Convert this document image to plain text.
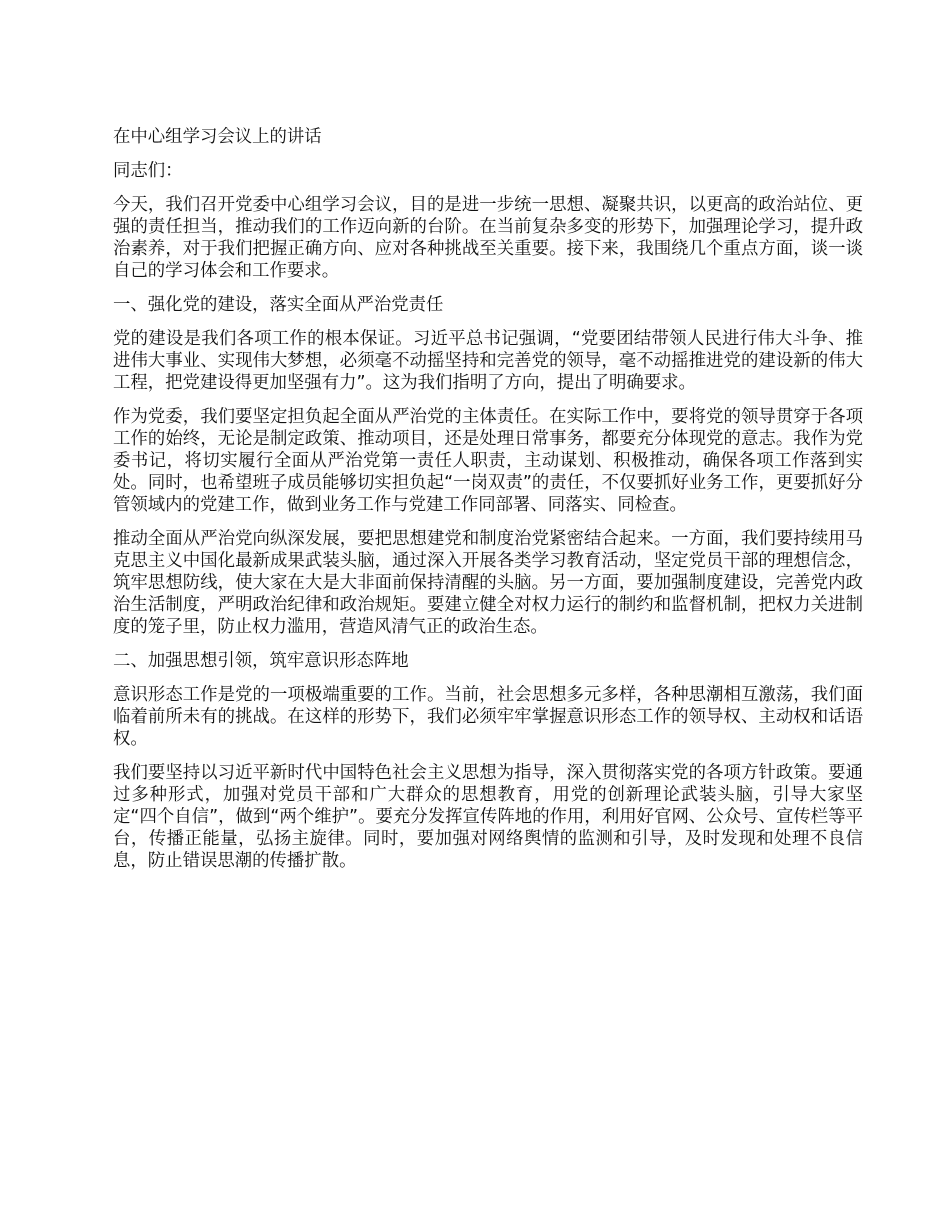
在中心组学习会议上的讲话

同志们：

今天，我们召开党委中心组学习会议，目的是进一步统一思想、凝聚共识，以更高的政治站位、更强的责任担当，推动我们的工作迈向新的台阶。在当前复杂多变的形势下，加强理论学习，提升政治素养，对于我们把握正确方向、应对各种挑战至关重要。接下来，我围绕几个重点方面，谈一谈自己的学习体会和工作要求。

一、强化党的建设，落实全面从严治党责任

党的建设是我们各项工作的根本保证。习近平总书记强调，“党要团结带领人民进行伟大斗争、推进伟大事业、实现伟大梦想，必须毫不动摇坚持和完善党的领导，毫不动摇推进党的建设新的伟大工程，把党建设得更加坚强有力”。这为我们指明了方向，提出了明确要求。

作为党委，我们要坚定担负起全面从严治党的主体责任。在实际工作中，要将党的领导贯穿于各项工作的始终，无论是制定政策、推动项目，还是处理日常事务，都要充分体现党的意志。我作为党委书记，将切实履行全面从严治党第一责任人职责，主动谋划、积极推动，确保各项工作落到实处。同时，也希望班子成员能够切实担负起“一岗双责”的责任，不仅要抓好业务工作，更要抓好分管领域内的党建工作，做到业务工作与党建工作同部署、同落实、同检查。

推动全面从严治党向纵深发展，要把思想建党和制度治党紧密结合起来。一方面，我们要持续用马克思主义中国化最新成果武装头脑，通过深入开展各类学习教育活动，坚定党员干部的理想信念，筑牢思想防线，使大家在大是大非面前保持清醒的头脑。另一方面，要加强制度建设，完善党内政治生活制度，严明政治纪律和政治规矩。要建立健全对权力运行的制约和监督机制，把权力关进制度的笼子里，防止权力滥用，营造风清气正的政治生态。

二、加强思想引领，筑牢意识形态阵地

意识形态工作是党的一项极端重要的工作。当前，社会思想多元多样，各种思潮相互激荡，我们面临着前所未有的挑战。在这样的形势下，我们必须牢牢掌握意识形态工作的领导权、主动权和话语权。

我们要坚持以习近平新时代中国特色社会主义思想为指导，深入贯彻落实党的各项方针政策。要通过多种形式，加强对党员干部和广大群众的思想教育，用党的创新理论武装头脑，引导大家坚定“四个自信”，做到“两个维护”。要充分发挥宣传阵地的作用，利用好官网、公众号、宣传栏等平台，传播正能量，弘扬主旋律。同时，要加强对网络舆情的监测和引导，及时发现和处理不良信息，防止错误思潮的传播扩散。
